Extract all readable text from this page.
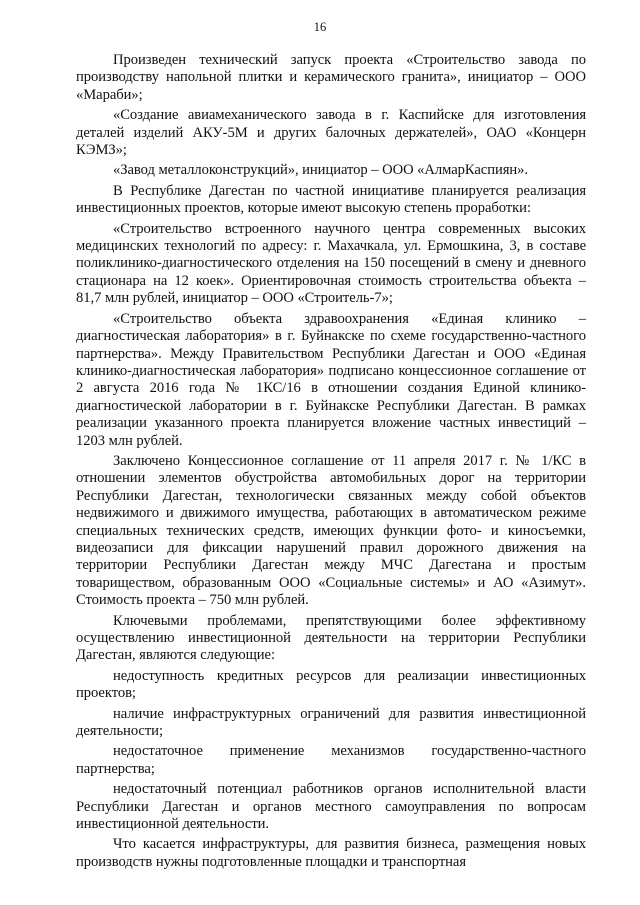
16

Произведен технический запуск проекта «Строительство завода по производству напольной плитки и керамического гранита», инициатор – ООО «Мараби»;

«Создание авиамеханического завода в г. Каспийске для изготовления деталей изделий АКУ-5М и других балочных держателей», ОАО «Концерн КЭМЗ»;

«Завод металлоконструкций», инициатор – ООО «АлмарКаспиян».

В Республике Дагестан по частной инициативе планируется реализация инвестиционных проектов, которые имеют высокую степень проработки:

«Строительство встроенного научного центра современных высоких медицинских технологий по адресу: г. Махачкала, ул. Ермошкина, 3, в составе поликлинико-диагностического отделения на 150 посещений в смену и дневного стационара на 12 коек». Ориентировочная стоимость строительства объекта – 81,7 млн рублей, инициатор – ООО «Строитель-7»;

«Строительство объекта здравоохранения «Единая клинико – диагностическая лаборатория» в г. Буйнакске по схеме государственно-частного партнерства». Между Правительством Республики Дагестан и ООО «Единая клинико-диагностическая лаборатория» подписано концессионное соглашение от 2 августа 2016 года № 1КС/16 в отношении создания Единой клинико-диагностической лаборатории в г. Буйнакске Республики Дагестан. В рамках реализации указанного проекта планируется вложение частных инвестиций – 1203 млн рублей.

Заключено Концессионное соглашение от 11 апреля 2017 г. № 1/КС в отношении элементов обустройства автомобильных дорог на территории Республики Дагестан, технологически связанных между собой объектов недвижимого и движимого имущества, работающих в автоматическом режиме специальных технических средств, имеющих функции фото- и киносъемки, видеозаписи для фиксации нарушений правил дорожного движения на территории Республики Дагестан между МЧС Дагестана и простым товариществом, образованным ООО «Социальные системы» и АО «Азимут». Стоимость проекта – 750 млн рублей.

Ключевыми проблемами, препятствующими более эффективному осуществлению инвестиционной деятельности на территории Республики Дагестан, являются следующие:

недоступность кредитных ресурсов для реализации инвестиционных проектов;

наличие инфраструктурных ограничений для развития инвестиционной деятельности;

недостаточное применение механизмов государственно-частного партнерства;

недостаточный потенциал работников органов исполнительной власти Республики Дагестан и органов местного самоуправления по вопросам инвестиционной деятельности.

Что касается инфраструктуры, для развития бизнеса, размещения новых производств нужны подготовленные площадки и транспортная
